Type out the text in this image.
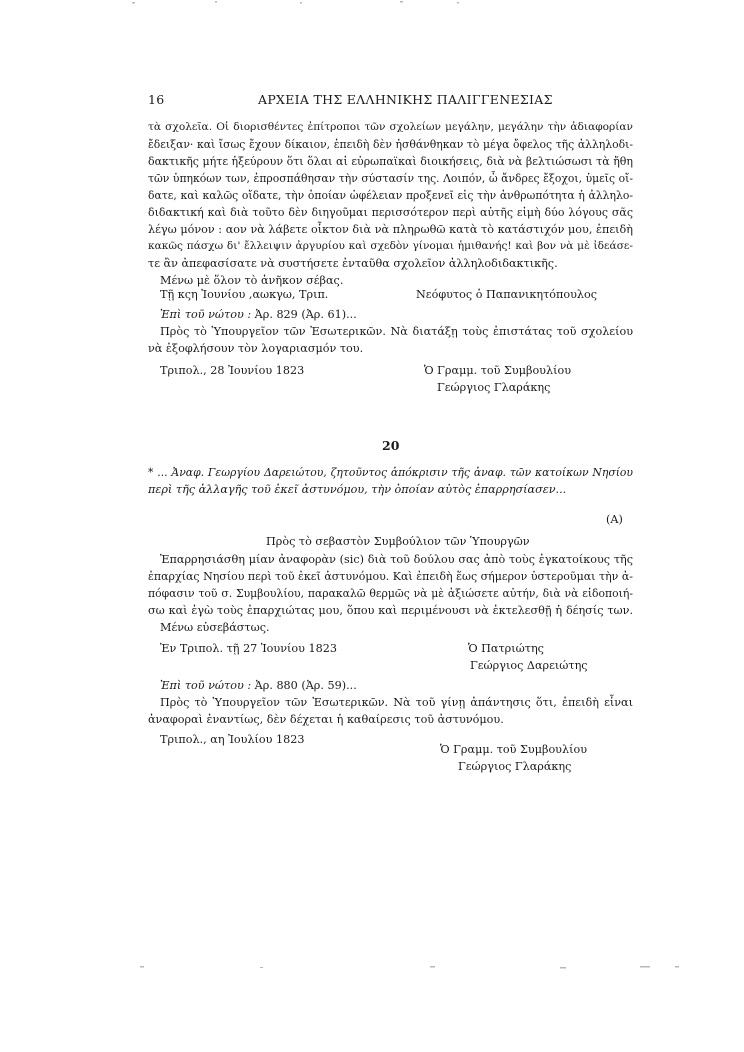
16	ΑΡΧΕΙΑ ΤΗΣ ΕΛΛΗΝΙΚΗΣ ΠΑΛΙΓΓΕΝΕΣΙΑΣ
τὰ σχολεῖα. Οἱ διορισθέντες ἐπίτροποι τῶν σχολείων μεγάλην, μεγάλην τὴν ἀδιαφορίαν
ἔδειξαν· καὶ ἴσως ἔχουν δίκαιον, ἐπειδὴ δὲν ἠσθάνθηκαν τὸ μέγα ὄφελος τῆς ἀλληλοδι-
δακτικῆς μήτε ἠξεύρουν ὅτι ὅλαι αἱ εὐρωπαϊκαὶ διοικήσεις, διὰ νὰ βελτιώσωσι τὰ ἤθη
τῶν ὑπηκόων των, ἐπροσπάθησαν τὴν σύστασίν της. Λοιπόν, ὦ ἄνδρες ἔξοχοι, ὑμεῖς οἴ-
δατε, καὶ καλῶς οἴδατε, τὴν ὁποίαν ὠφέλειαν προξενεῖ εἰς τὴν ἀνθρωπότητα ἡ ἀλληλο-
διδακτική καὶ διὰ τοῦτο δὲν διηγοῦμαι περισσότερον περὶ αὐτῆς εἰμὴ δύο λόγους σᾶς
λέγω μόνον : αον νὰ λάβετε οἶκτον διὰ νὰ πληρωθῶ κατὰ τὸ κατάστιχόν μου, ἐπειδὴ
κακῶς πάσχω δι' ἔλλειψιν ἀργυρίου καὶ σχεδὸν γίνομαι ἡμιθανής! καὶ βον νὰ μὲ ἰδεάσε-
τε ἂν ἀπεφασίσατε νὰ συστήσετε ἐνταῦθα σχολεῖον ἀλληλοδιδακτικῆς.
Μένω μὲ ὅλον τὸ ἀνῆκον σέβας.
Τῇ κςη Ἰουνίου ,αωκγω, Τριπ.	Νεόφυτος ὁ Παπανικητόπουλος
Ἐπὶ τοῦ νώτου : Ἀρ. 829 (Ἀρ. 61)...
Πρὸς τὸ Ὑπουργεῖον τῶν Ἐσωτερικῶν. Νὰ διατάξῃ τοὺς ἐπιστάτας τοῦ σχολείου
νὰ ἐξοφλήσουν τὸν λογαριασμόν του.
Τριπολ., 28 Ἰουνίου 1823	Ὁ Γραμμ. τοῦ Συμβουλίου
Γεώργιος Γλαράκης
20
* ... Ἀναφ. Γεωργίου Δαρειώτου, ζητοῦντος ἀπόκρισιν τῆς ἀναφ. τῶν κατοίκων Νησίου
περὶ τῆς ἀλλαγῆς τοῦ ἐκεῖ ἀστυνόμου, τὴν ὁποίαν αὐτὸς ἐπαρρησίασεν...
(Α)
Πρὸς τὸ σεβαστὸν Συμβούλιον τῶν Ὑπουργῶν
Ἐπαρρησιάσθη μίαν ἀναφορὰν (sic) διὰ τοῦ δούλου σας ἀπὸ τοὺς ἐγκατοίκους τῆς
ἐπαρχίας Νησίου περὶ τοῦ ἐκεῖ ἀστυνόμου. Καὶ ἐπειδὴ ἕως σήμερον ὑστεροῦμαι τὴν ἀ-
πόφασιν τοῦ σ. Συμβουλίου, παρακαλῶ θερμῶς νὰ μὲ ἀξιώσετε αὐτήν, διὰ νὰ εἰδοποιή-
σω καὶ ἐγὼ τοὺς ἐπαρχιώτας μου, ὅπου καὶ περιμένουσι νὰ ἐκτελεσθῇ ἡ δέησίς των.
Μένω εὐσεβάστως.
Ἐν Τριπολ. τῇ 27 Ἰουνίου 1823	Ὁ Πατριώτης
Γεώργιος Δαρειώτης
Ἐπὶ τοῦ νώτου : Ἀρ. 880 (Ἀρ. 59)...
Πρὸς τὸ Ὑπουργεῖον τῶν Ἐσωτερικῶν. Νὰ τοῦ γίνῃ ἀπάντησις ὅτι, ἐπειδὴ εἶναι
ἀναφοραὶ ἐναντίως, δὲν δέχεται ἡ καθαίρεσις τοῦ ἀστυνόμου.
Τριπολ., αη Ἰουλίου 1823
Ὁ Γραμμ. τοῦ Συμβουλίου
Γεώργιος Γλαράκης
